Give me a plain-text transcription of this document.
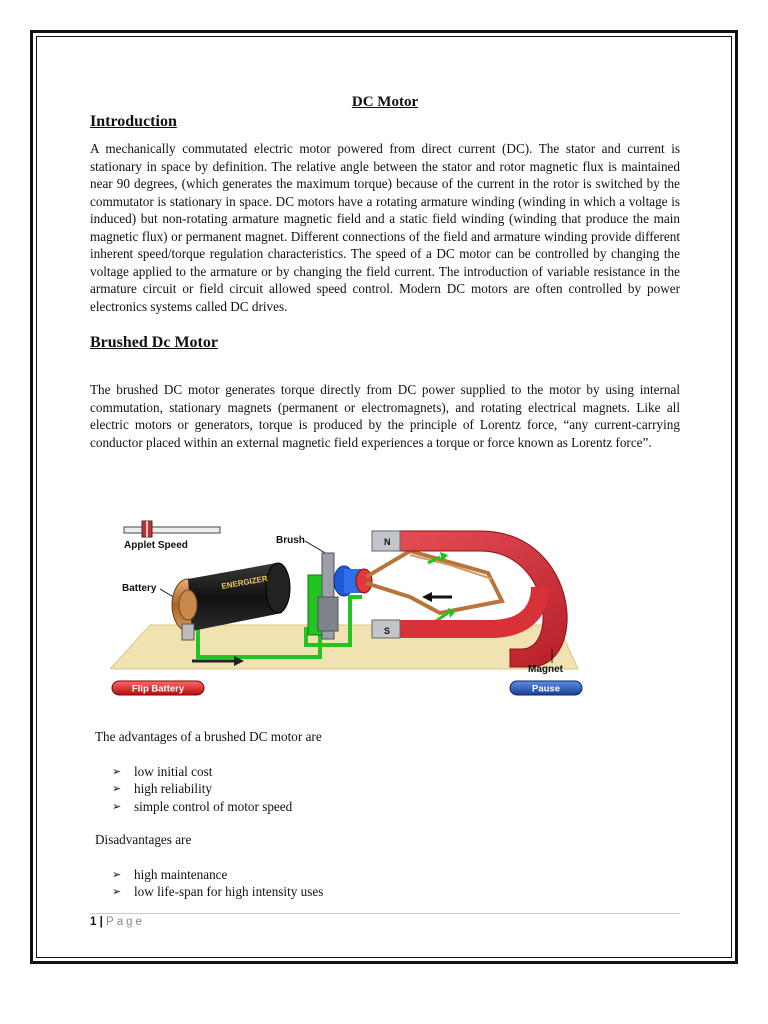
DC Motor
Introduction

A mechanically commutated electric motor powered from direct current (DC). The stator and current is stationary in space by definition. The relative angle between the stator and rotor magnetic flux is maintained near 90 degrees, (which generates the maximum torque) because of the current in the rotor is switched by the commutator is stationary in space. DC motors have a rotating armature winding (winding in which a voltage is induced) but non-rotating armature magnetic field and a static field winding (winding that produce the main magnetic flux) or permanent magnet. Different connections of the field and armature winding provide different inherent speed/torque regulation characteristics. The speed of a DC motor can be controlled by changing the voltage applied to the armature or by changing the field current. The introduction of variable resistance in the armature circuit or field circuit allowed speed control. Modern DC motors are often controlled by power electronics systems called DC drives.

Brushed Dc Motor

The brushed DC motor generates torque directly from DC power supplied to the motor by using internal commutation, stationary magnets (permanent or electromagnets), and rotating electrical magnets. Like all electric motors or generators, torque is produced by the principle of Lorentz force, “any current-carrying conductor placed within an external magnetic field experiences a torque or force known as Lorentz force”.

Applet Speed	Brush
Battery	ENERGIZER
N
S
Magnet
Flip Battery	Pause

The advantages of a brushed DC motor are

➢ low initial cost
➢ high reliability
➢ simple control of motor speed

Disadvantages are

➢ high maintenance
➢ low life-span for high intensity uses
1 | Page
